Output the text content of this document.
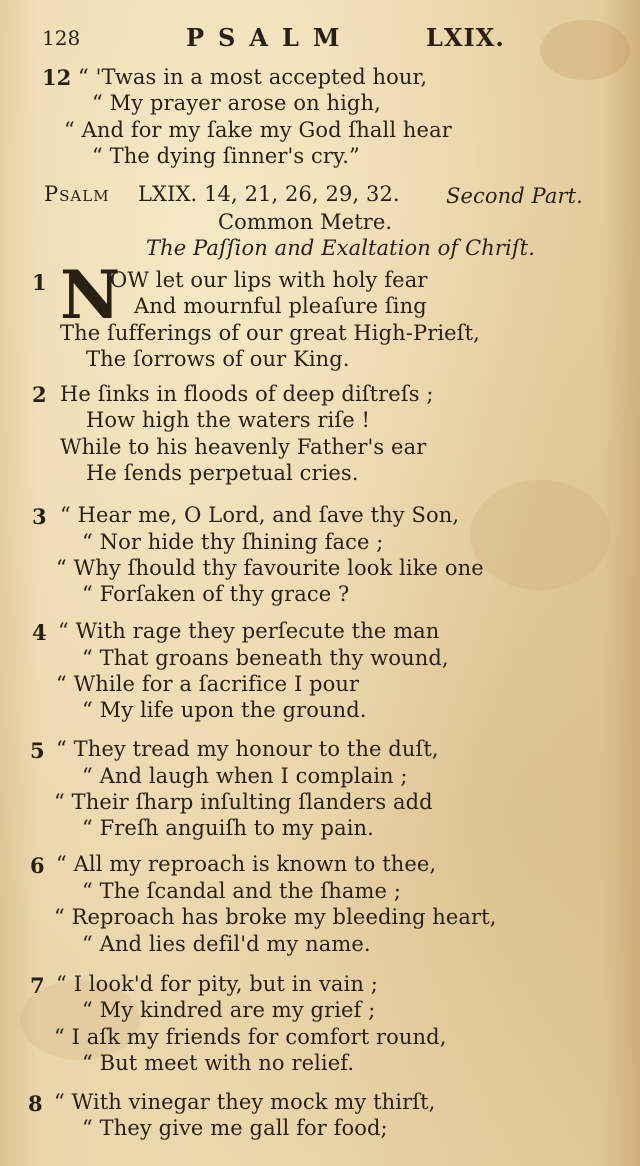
128	PSALM	LXIX.
12 “ 'Twas in a most accepted hour,
“ My prayer arose on high,
“ And for my ſake my God ſhall hear
“ The dying ſinner's cry.”
Psalm LXIX. 14, 21, 26, 29, 32. Second Part.
Common Metre.
The Paſſion and Exaltation of Chriſt.
1 N
OW let our lips with holy fear
And mournful pleaſure ſing
The ſufferings of our great High-Prieſt,
The ſorrows of our King.
2 He ſinks in floods of deep diſtreſs ;
How high the waters riſe !
While to his heavenly Father's ear
He ſends perpetual cries.
3 “ Hear me, O Lord, and ſave thy Son,
“ Nor hide thy ſhining face ;
“ Why ſhould thy favourite look like one
“ Forſaken of thy grace ?
4 “ With rage they perſecute the man
“ That groans beneath thy wound,
“ While for a ſacrifice I pour
“ My life upon the ground.
5 “ They tread my honour to the duſt,
“ And laugh when I complain ;
“ Their ſharp inſulting ſlanders add
“ Freſh anguiſh to my pain.
6 “ All my reproach is known to thee,
“ The ſcandal and the ſhame ;
“ Reproach has broke my bleeding heart,
“ And lies defil'd my name.
7 “ I look'd for pity, but in vain ;
“ My kindred are my grief ;
“ I aſk my friends for comfort round,
“ But meet with no relief.
8 “ With vinegar they mock my thirſt,
“ They give me gall for food;
